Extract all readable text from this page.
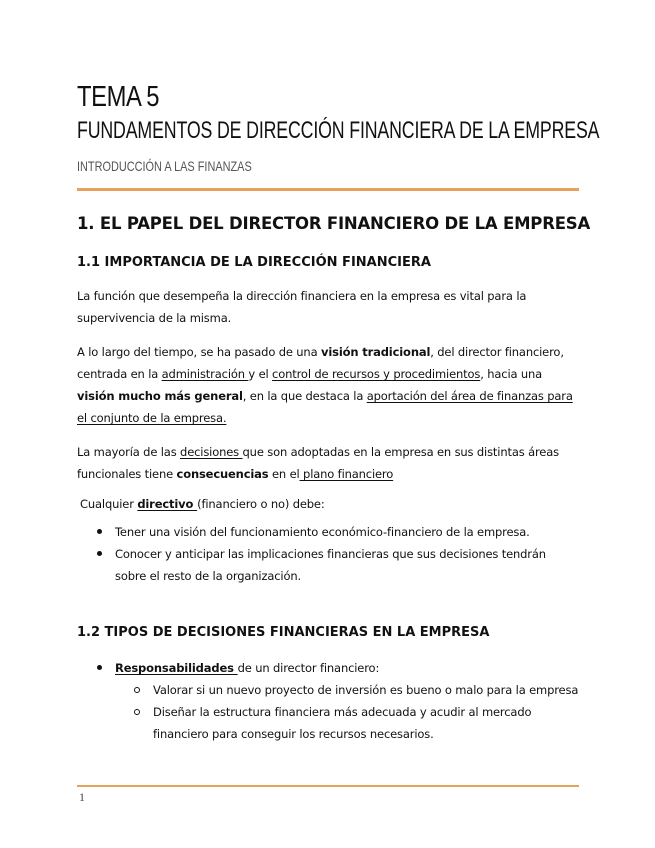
TEMA 5
FUNDAMENTOS DE DIRECCIÓN FINANCIERA DE LA EMPRESA
INTRODUCCIÓN A LAS FINANZAS
1. EL PAPEL DEL DIRECTOR FINANCIERO DE LA EMPRESA
1.1 IMPORTANCIA DE LA DIRECCIÓN FINANCIERA

La función que desempeña la dirección financiera en la empresa es vital para la supervivencia de la misma.

A lo largo del tiempo, se ha pasado de una visión tradicional, del director financiero, centrada en la administración y el control de recursos y procedimientos, hacia una visión mucho más general, en la que destaca la aportación del área de finanzas para el conjunto de la empresa.

La mayoría de las decisiones que son adoptadas en la empresa en sus distintas áreas funcionales tiene consecuencias en el plano financiero

Cualquier directivo (financiero o no) debe:

Tener una visión del funcionamiento económico-financiero de la empresa.
Conocer y anticipar las implicaciones financieras que sus decisiones tendrán sobre el resto de la organización.
1.2 TIPOS DE DECISIONES FINANCIERAS EN LA EMPRESA
Responsabilidades de un director financiero:
Valorar si un nuevo proyecto de inversión es bueno o malo para la empresa
Diseñar la estructura financiera más adecuada y acudir al mercado financiero para conseguir los recursos necesarios.
1
